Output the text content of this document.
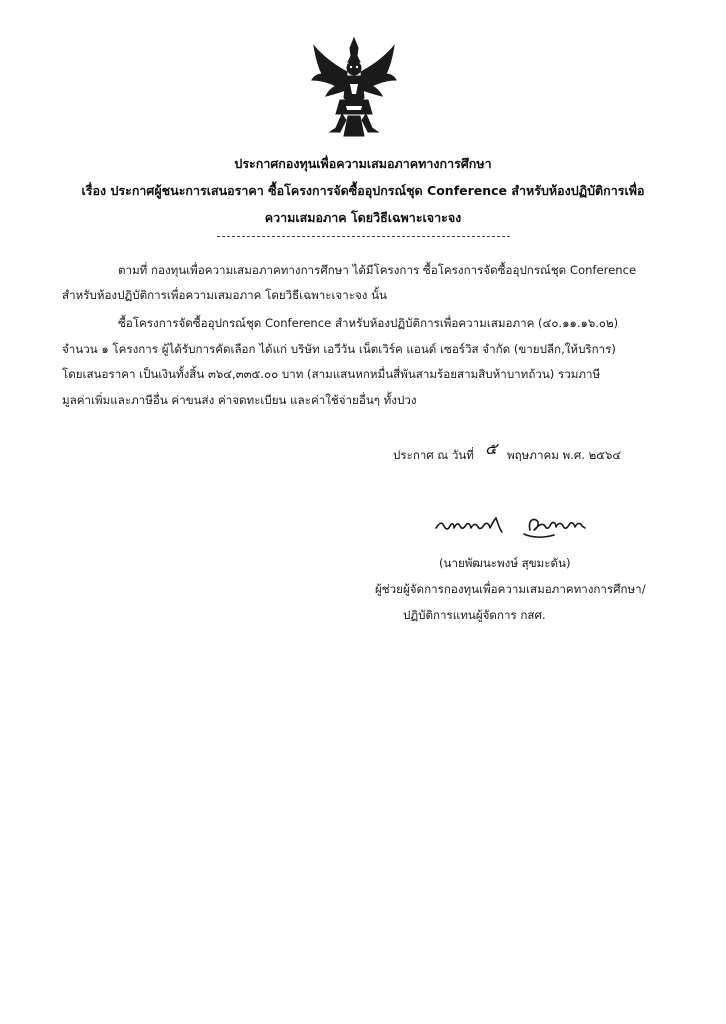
ประกาศกองทุนเพื่อความเสมอภาคทางการศึกษา
เรื่อง ประกาศผู้ชนะการเสนอราคา ซื้อโครงการจัดซื้ออุปกรณ์ชุด Conference สำหรับห้องปฏิบัติการเพื่อ
ความเสมอภาค โดยวิธีเฉพาะเจาะจง
ตามที่ กองทุนเพื่อความเสมอภาคทางการศึกษา ได้มีโครงการ ซื้อโครงการจัดซื้ออุปกรณ์ชุด Conference
สำหรับห้องปฏิบัติการเพื่อความเสมอภาค โดยวิธีเฉพาะเจาะจง นั้น
ซื้อโครงการจัดซื้ออุปกรณ์ชุด Conference สำหรับห้องปฏิบัติการเพื่อความเสมอภาค (๔๐.๑๑.๑๖.๐๒)
จำนวน ๑ โครงการ ผู้ได้รับการคัดเลือก ได้แก่ บริษัท เอวีวัน เน็ตเวิร์ค แอนด์ เซอร์วิส จำกัด (ขายปลีก,ให้บริการ)
โดยเสนอราคา เป็นเงินทั้งสิ้น ๓๖๔,๓๓๕.๐๐ บาท (สามแสนหกหมื่นสี่พันสามร้อยสามสิบห้าบาทถ้วน) รวมภาษี
มูลค่าเพิ่มและภาษีอื่น ค่าขนส่ง ค่าจดทะเบียน และค่าใช้จ่ายอื่นๆ ทั้งปวง
ประกาศ ณ วันที่ ๕ พฤษภาคม พ.ศ. ๒๕๖๔
(นายพัฒนะพงษ์ สุขมะดัน)
ผู้ช่วยผู้จัดการกองทุนเพื่อความเสมอภาคทางการศึกษา/
ปฏิบัติการแทนผู้จัดการ กสศ.
